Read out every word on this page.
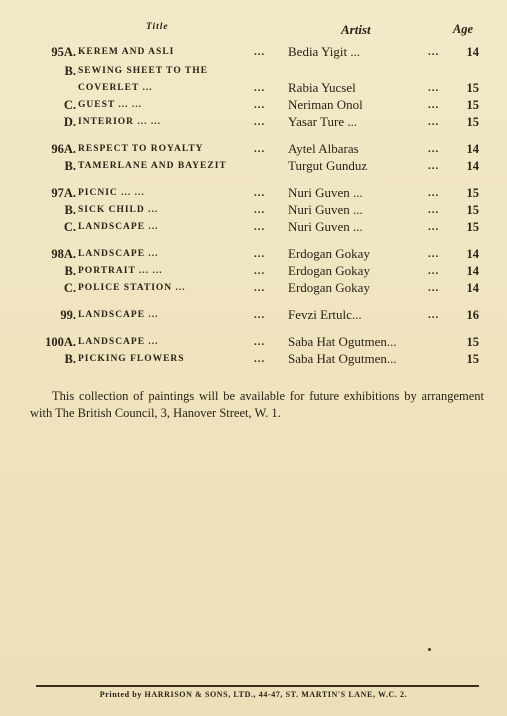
Title	Artist	Age
95A. KEREM AND ASLI	...	Bedia Yigit ...	...	14
B. SEWING SHEET TO THE
COVERLET ...	...	Rabia Yucsel	...	15
C. GUEST ... ...	...	Neriman Onol	...	15
D. INTERIOR ... ...	...	Yasar Ture ...	...	15
96A. RESPECT TO ROYALTY	...	Aytel Albaras	...	14
B. TAMERLANE AND BAYEZIT	Turgut Gunduz	...	14
97A. PICNIC ... ...	...	Nuri Guven ...	...	15
B. SICK CHILD ...	...	Nuri Guven ...	...	15
C. LANDSCAPE ...	...	Nuri Guven ...	...	15
98A. LANDSCAPE ...	...	Erdogan Gokay	...	14
B. PORTRAIT ... ...	...	Erdogan Gokay	...	14
C. POLICE STATION ...	...	Erdogan Gokay	...	14
99. LANDSCAPE ...	...	Fevzi Ertulc...	...	16
100A. LANDSCAPE ...	...	Saba Hat Ogutmen...	15
B. PICKING FLOWERS	...	Saba Hat Ogutmen...	15
This collection of paintings will be available for future exhibitions by arrangement with The British Council, 3, Hanover Street, W. 1.
Printed by HARRISON & SONS, LTD., 44-47, ST. MARTIN'S LANE, W.C. 2.
